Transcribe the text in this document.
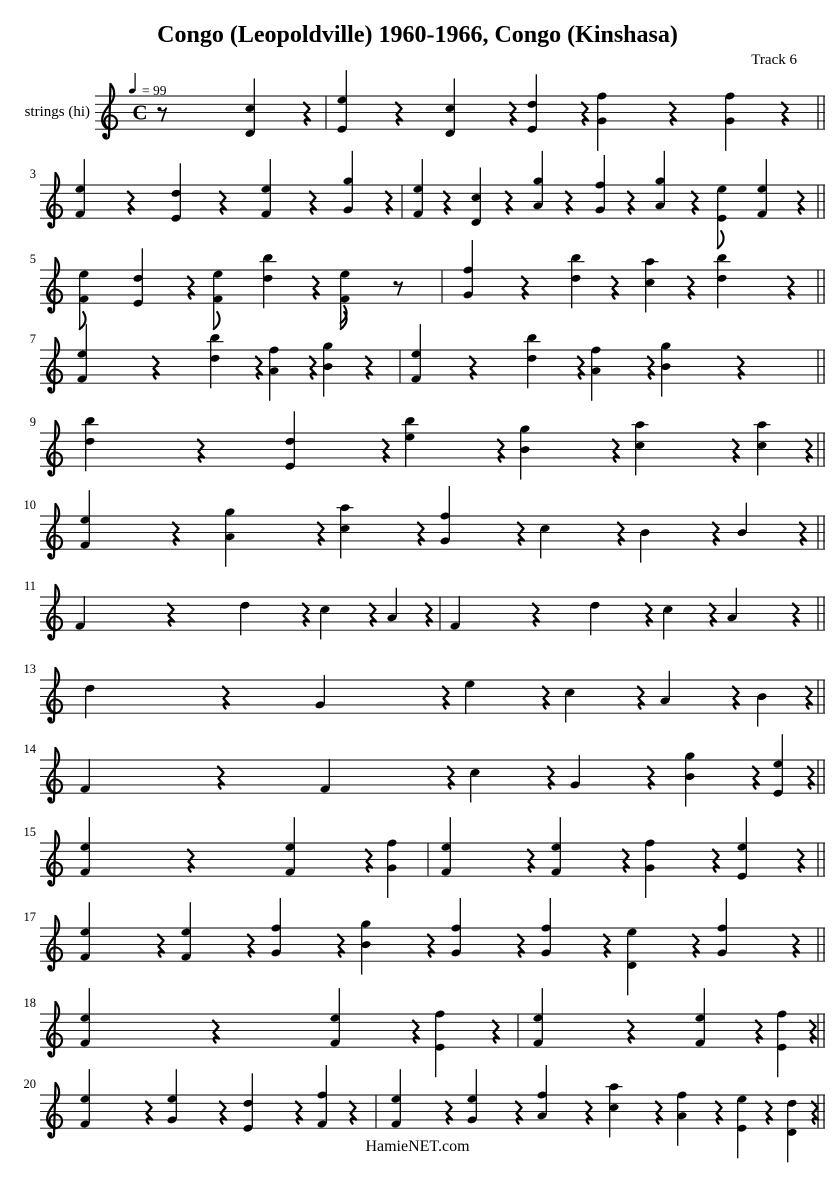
Congo (Leopoldville) 1960-1966, Congo (Kinshasa)
Track 6
strings (hi) C
= 99
3
5
7
9
10
11
13
14
15
17
18
20
HamieNET.com
